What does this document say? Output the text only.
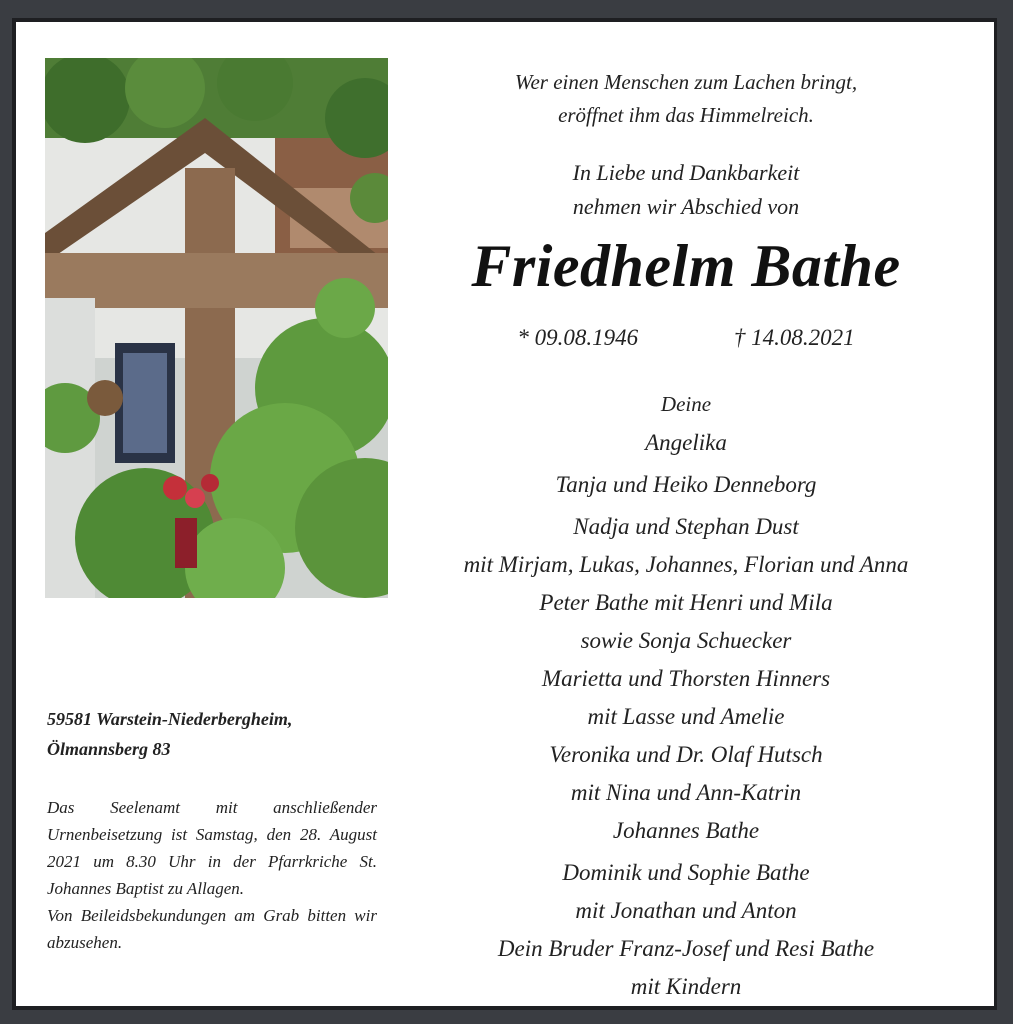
59581 Warstein-Niederbergheim,
Ölmannsberg 83
Das Seelenamt mit anschließender Urnenbeisetzung ist Samstag, den 28. August 2021 um 8.30 Uhr in der Pfarrkriche St. Johannes Baptist zu Allagen.
Von Beileidsbekundungen am Grab bitten wir abzusehen.
Wer einen Menschen zum Lachen bringt,
eröffnet ihm das Himmelreich.
In Liebe und Dankbarkeit
nehmen wir Abschied von
Friedhelm Bathe
* 09.08.1946	† 14.08.2021
Deine
Angelika
Tanja und Heiko Denneborg
Nadja und Stephan Dust
mit Mirjam, Lukas, Johannes, Florian und Anna
Peter Bathe mit Henri und Mila
sowie Sonja Schuecker
Marietta und Thorsten Hinners
mit Lasse und Amelie
Veronika und Dr. Olaf Hutsch
mit Nina und Ann-Katrin
Johannes Bathe
Dominik und Sophie Bathe
mit Jonathan und Anton
Dein Bruder Franz-Josef und Resi Bathe
mit Kindern
